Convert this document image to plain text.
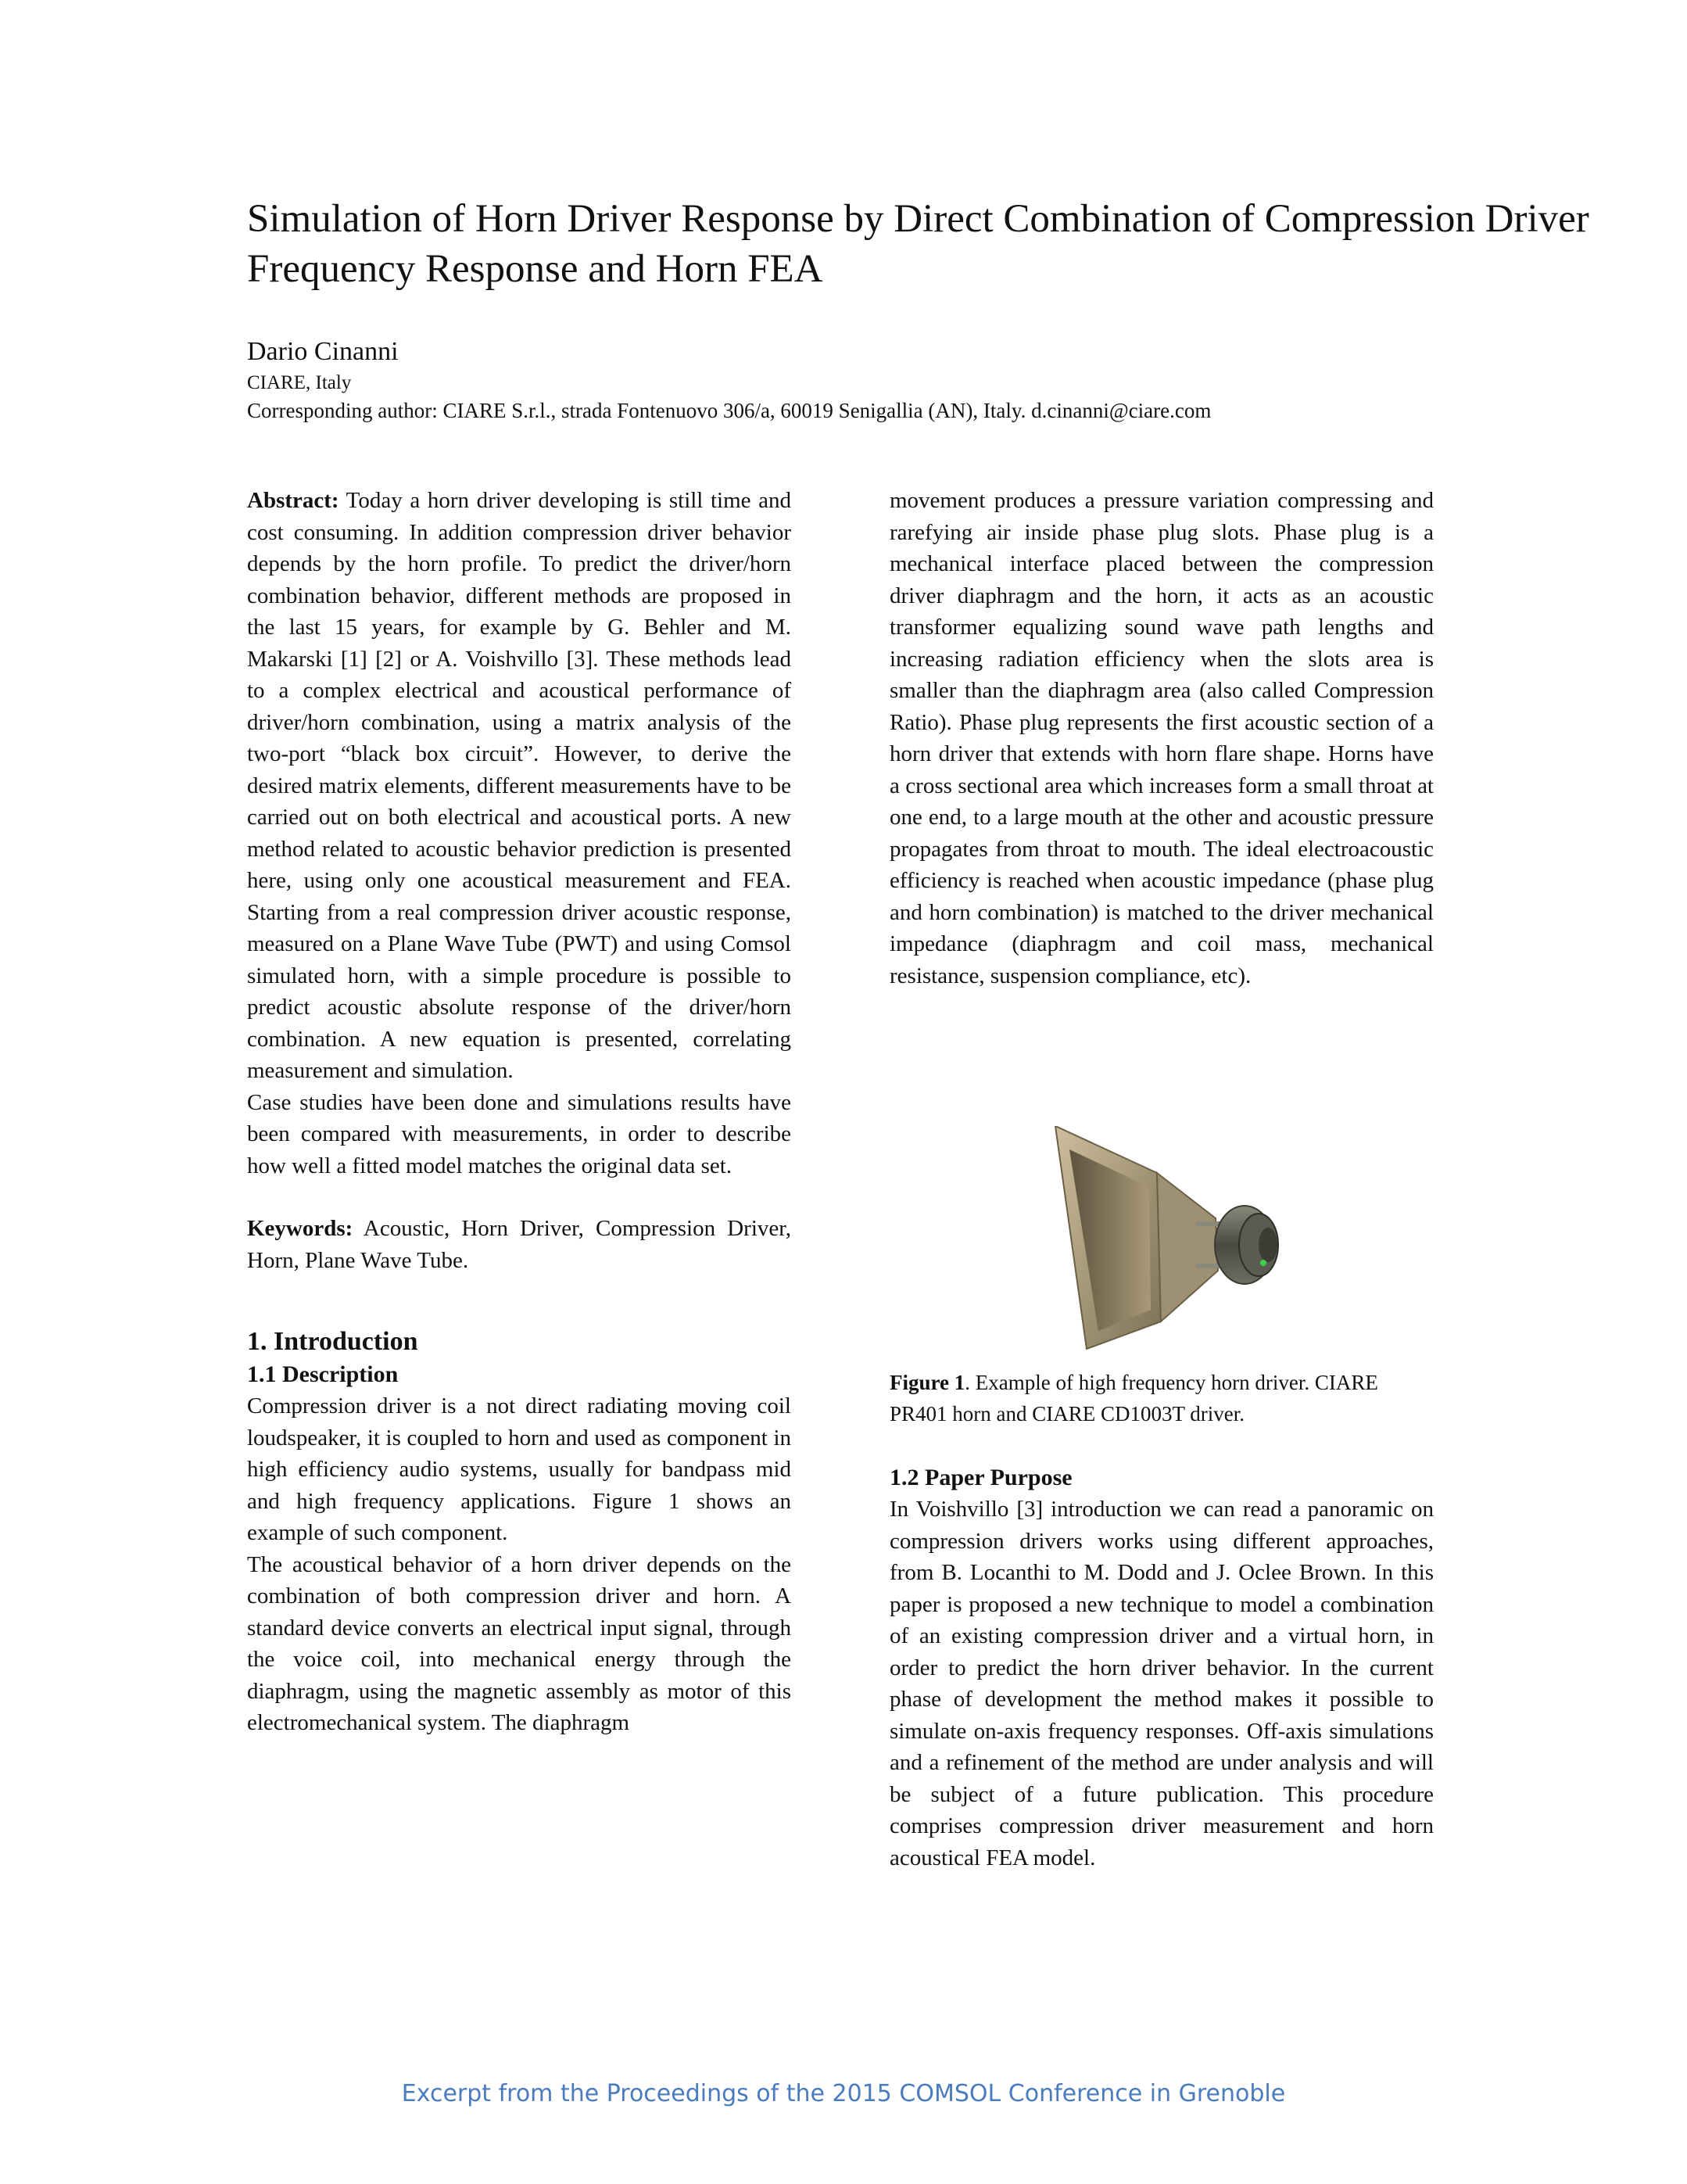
Simulation of Horn Driver Response by Direct Combination of Compression Driver Frequency Response and Horn FEA
Dario Cinanni
CIARE, Italy
Corresponding author: CIARE S.r.l., strada Fontenuovo 306/a, 60019 Senigallia (AN), Italy. d.cinanni@ciare.com

Abstract: Today a horn driver developing is still time and cost consuming. In addition compression driver behavior depends by the horn profile. To predict the driver/horn combination behavior, different methods are proposed in the last 15 years, for example by G. Behler and M. Makarski [1] [2] or A. Voishvillo [3]. These methods lead to a complex electrical and acoustical performance of driver/horn combination, using a matrix analysis of the two-port “black box circuit”. However, to derive the desired matrix elements, different measurements have to be carried out on both electrical and acoustical ports. A new method related to acoustic behavior prediction is presented here, using only one acoustical measurement and FEA. Starting from a real compression driver acoustic response, measured on a Plane Wave Tube (PWT) and using Comsol simulated horn, with a simple procedure is possible to predict acoustic absolute response of the driver/horn combination. A new equation is presented, correlating measurement and simulation.

Case studies have been done and simulations results have been compared with measurements, in order to describe how well a fitted model matches the original data set.

Keywords: Acoustic, Horn Driver, Compression Driver, Horn, Plane Wave Tube.

1. Introduction

1.1 Description

Compression driver is a not direct radiating moving coil loudspeaker, it is coupled to horn and used as component in high efficiency audio systems, usually for bandpass mid and high frequency applications. Figure 1 shows an example of such component.

The acoustical behavior of a horn driver depends on the combination of both compression driver and horn. A standard device converts an electrical input signal, through the voice coil, into mechanical energy through the diaphragm, using the magnetic assembly as motor of this electromechanical system. The diaphragm

movement produces a pressure variation compressing and rarefying air inside phase plug slots. Phase plug is a mechanical interface placed between the compression driver diaphragm and the horn, it acts as an acoustic transformer equalizing sound wave path lengths and increasing radiation efficiency when the slots area is smaller than the diaphragm area (also called Compression Ratio). Phase plug represents the first acoustic section of a horn driver that extends with horn flare shape. Horns have a cross sectional area which increases form a small throat at one end, to a large mouth at the other and acoustic pressure propagates from throat to mouth. The ideal electroacoustic efficiency is reached when acoustic impedance (phase plug and horn combination) is matched to the driver mechanical impedance (diaphragm and coil mass, mechanical resistance, suspension compliance, etc).

Figure 1. Example of high frequency horn driver. CIARE PR401 horn and CIARE CD1003T driver.

1.2 Paper Purpose

In Voishvillo [3] introduction we can read a panoramic on compression drivers works using different approaches, from B. Locanthi to M. Dodd and J. Oclee Brown. In this paper is proposed a new technique to model a combination of an existing compression driver and a virtual horn, in order to predict the horn driver behavior. In the current phase of development the method makes it possible to simulate on-axis frequency responses. Off-axis simulations and a refinement of the method are under analysis and will be subject of a future publication. This procedure comprises compression driver measurement and horn acoustical FEA model.

Excerpt from the Proceedings of the 2015 COMSOL Conference in Grenoble
